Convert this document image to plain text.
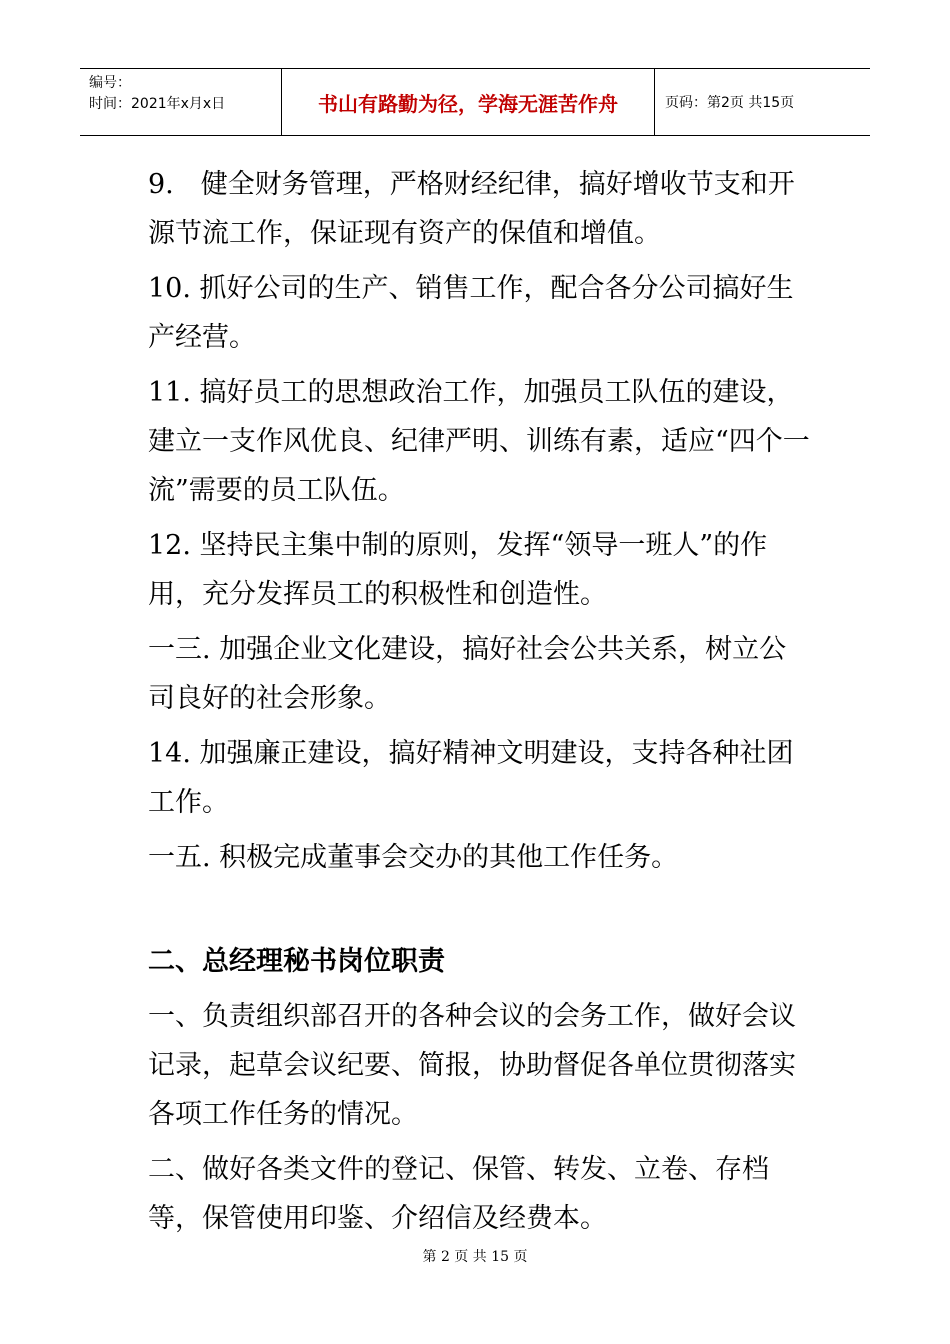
编号：
时间：2021年x月x日	书山有路勤为径，学海无涯苦作舟	页码：第2页 共15页

9.　健全财务管理，严格财经纪律，搞好增收节支和开源节流工作，保证现有资产的保值和增值。

10. 抓好公司的生产、销售工作，配合各分公司搞好生产经营。

11. 搞好员工的思想政治工作，加强员工队伍的建设，建立一支作风优良、纪律严明、训练有素，适应“四个一流”需要的员工队伍。

12. 坚持民主集中制的原则，发挥“领导一班人”的作用，充分发挥员工的积极性和创造性。

一三. 加强企业文化建设，搞好社会公共关系，树立公司良好的社会形象。

14. 加强廉正建设，搞好精神文明建设，支持各种社团工作。

一五. 积极完成董事会交办的其他工作任务。

二、总经理秘书岗位职责

一、负责组织部召开的各种会议的会务工作，做好会议记录，起草会议纪要、简报，协助督促各单位贯彻落实各项工作任务的情况。

二、做好各类文件的登记、保管、转发、立卷、存档等，保管使用印鉴、介绍信及经费本。

第 2 页 共 15 页
